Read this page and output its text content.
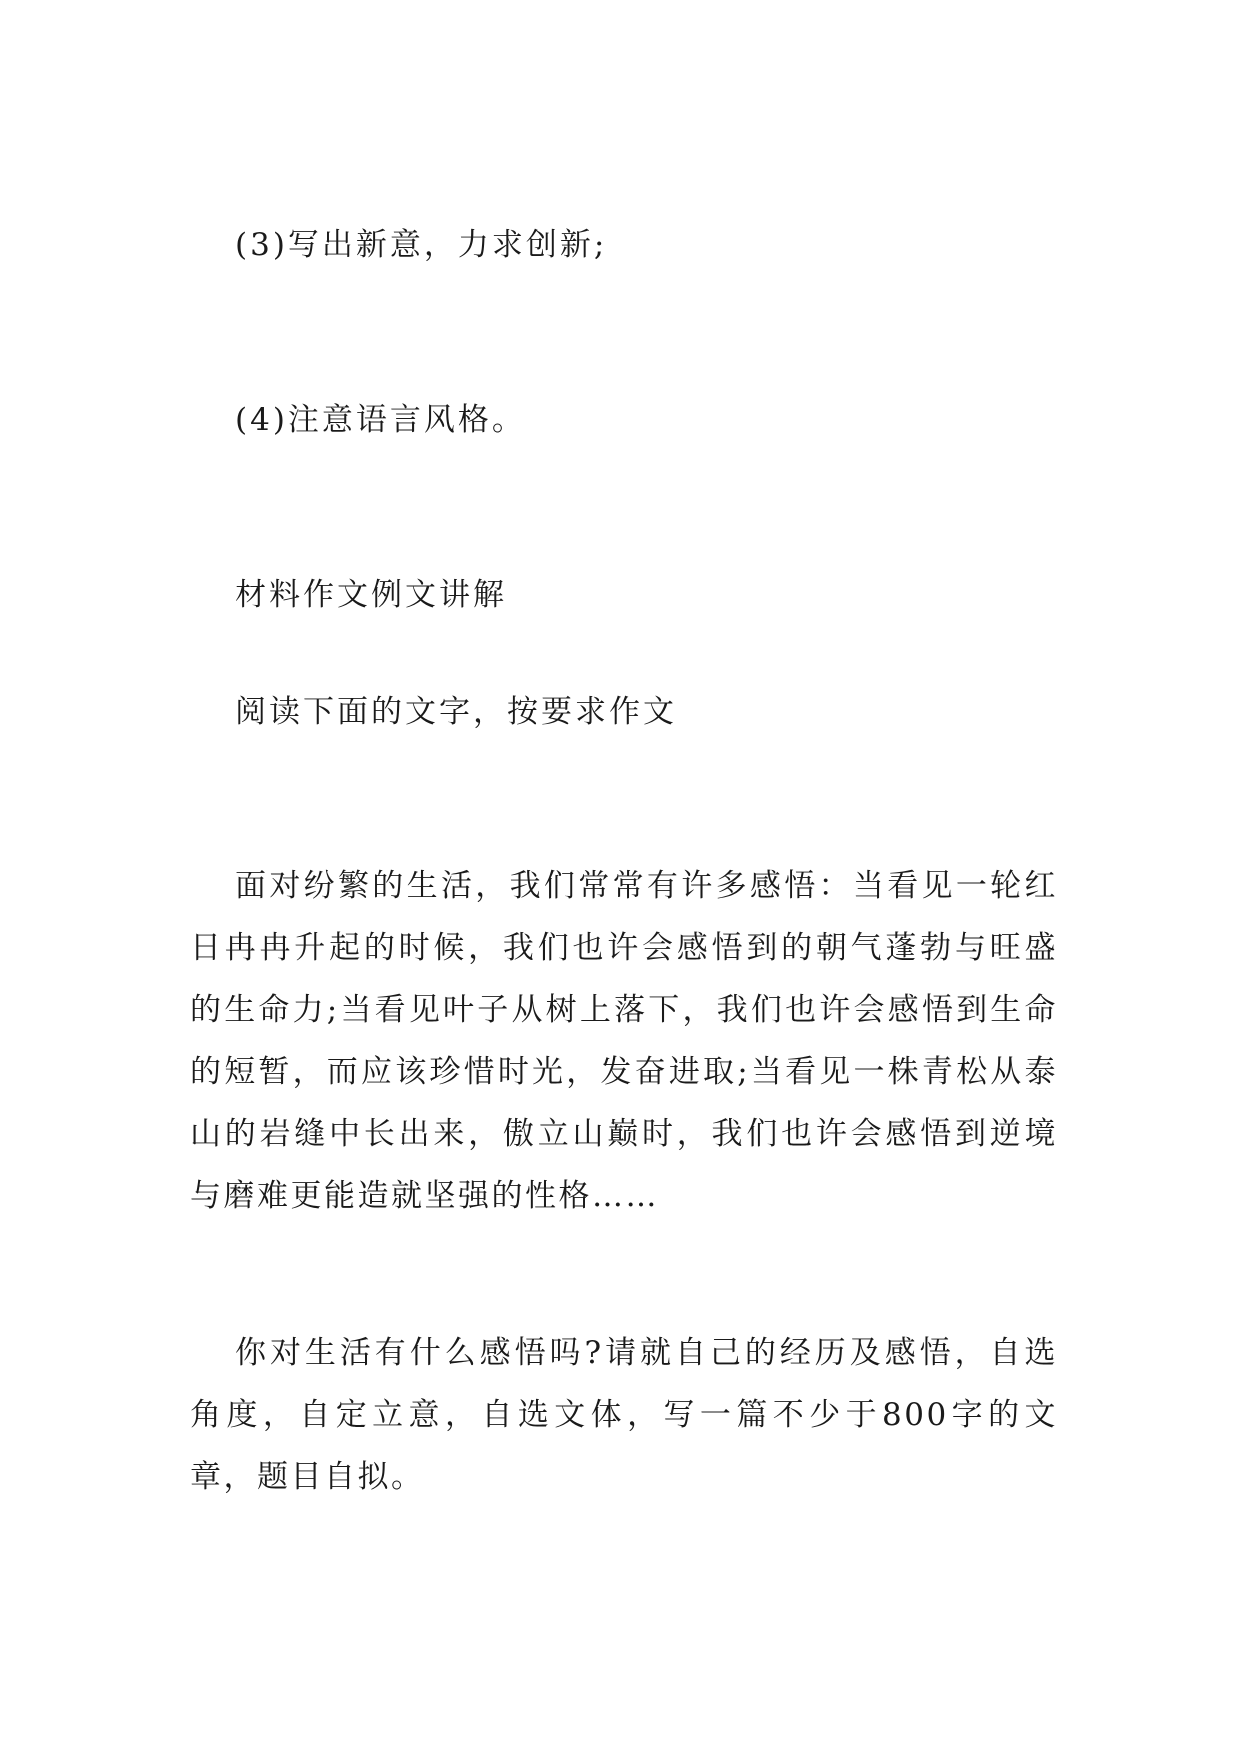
(3)写出新意，力求创新;
(4)注意语言风格。
材料作文例文讲解
阅读下面的文字，按要求作文

面对纷繁的生活，我们常常有许多感悟：当看见一轮红日冉冉升起的时候，我们也许会感悟到的朝气蓬勃与旺盛的生命力;当看见叶子从树上落下，我们也许会感悟到生命的短暂，而应该珍惜时光，发奋进取;当看见一株青松从泰山的岩缝中长出来，傲立山巅时，我们也许会感悟到逆境与磨难更能造就坚强的性格……

你对生活有什么感悟吗?请就自己的经历及感悟，自选角度，自定立意，自选文体，写一篇不少于800字的文章，题目自拟。
